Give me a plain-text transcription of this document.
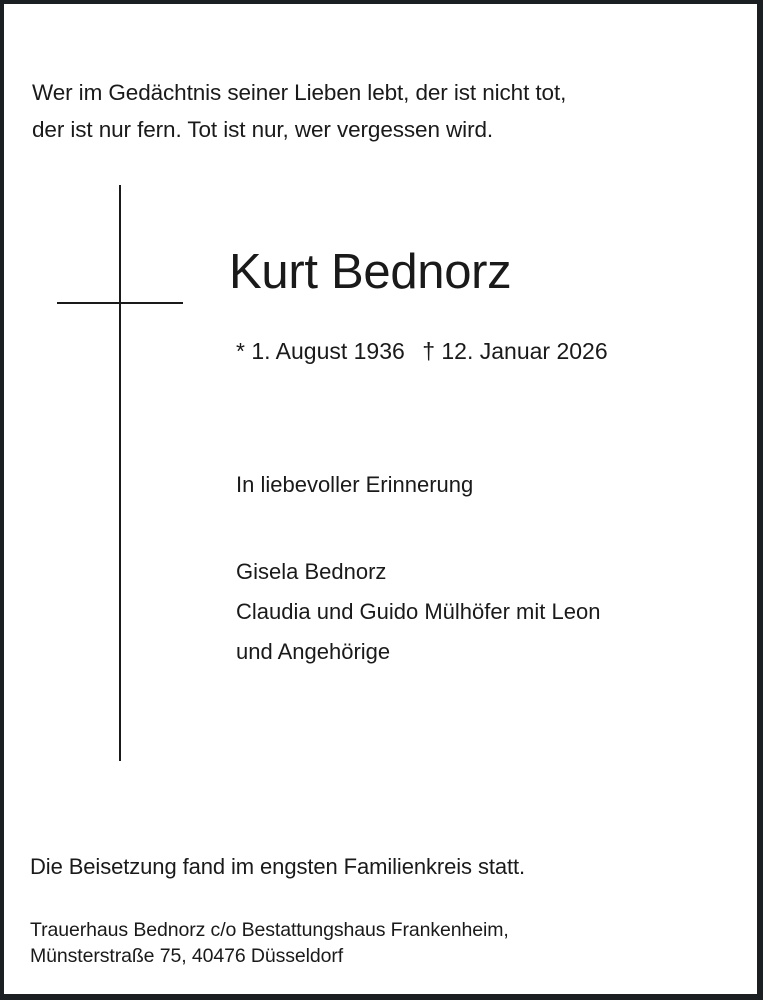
Wer im Gedächtnis seiner Lieben lebt, der ist nicht tot,
der ist nur fern. Tot ist nur, wer vergessen wird.
Kurt Bednorz
* 1. August 1936 † 12. Januar 2026
In liebevoller Erinnerung
Gisela Bednorz
Claudia und Guido Mülhöfer mit Leon
und Angehörige
Die Beisetzung fand im engsten Familienkreis statt.
Trauerhaus Bednorz c/o Bestattungshaus Frankenheim,
Münsterstraße 75, 40476 Düsseldorf
